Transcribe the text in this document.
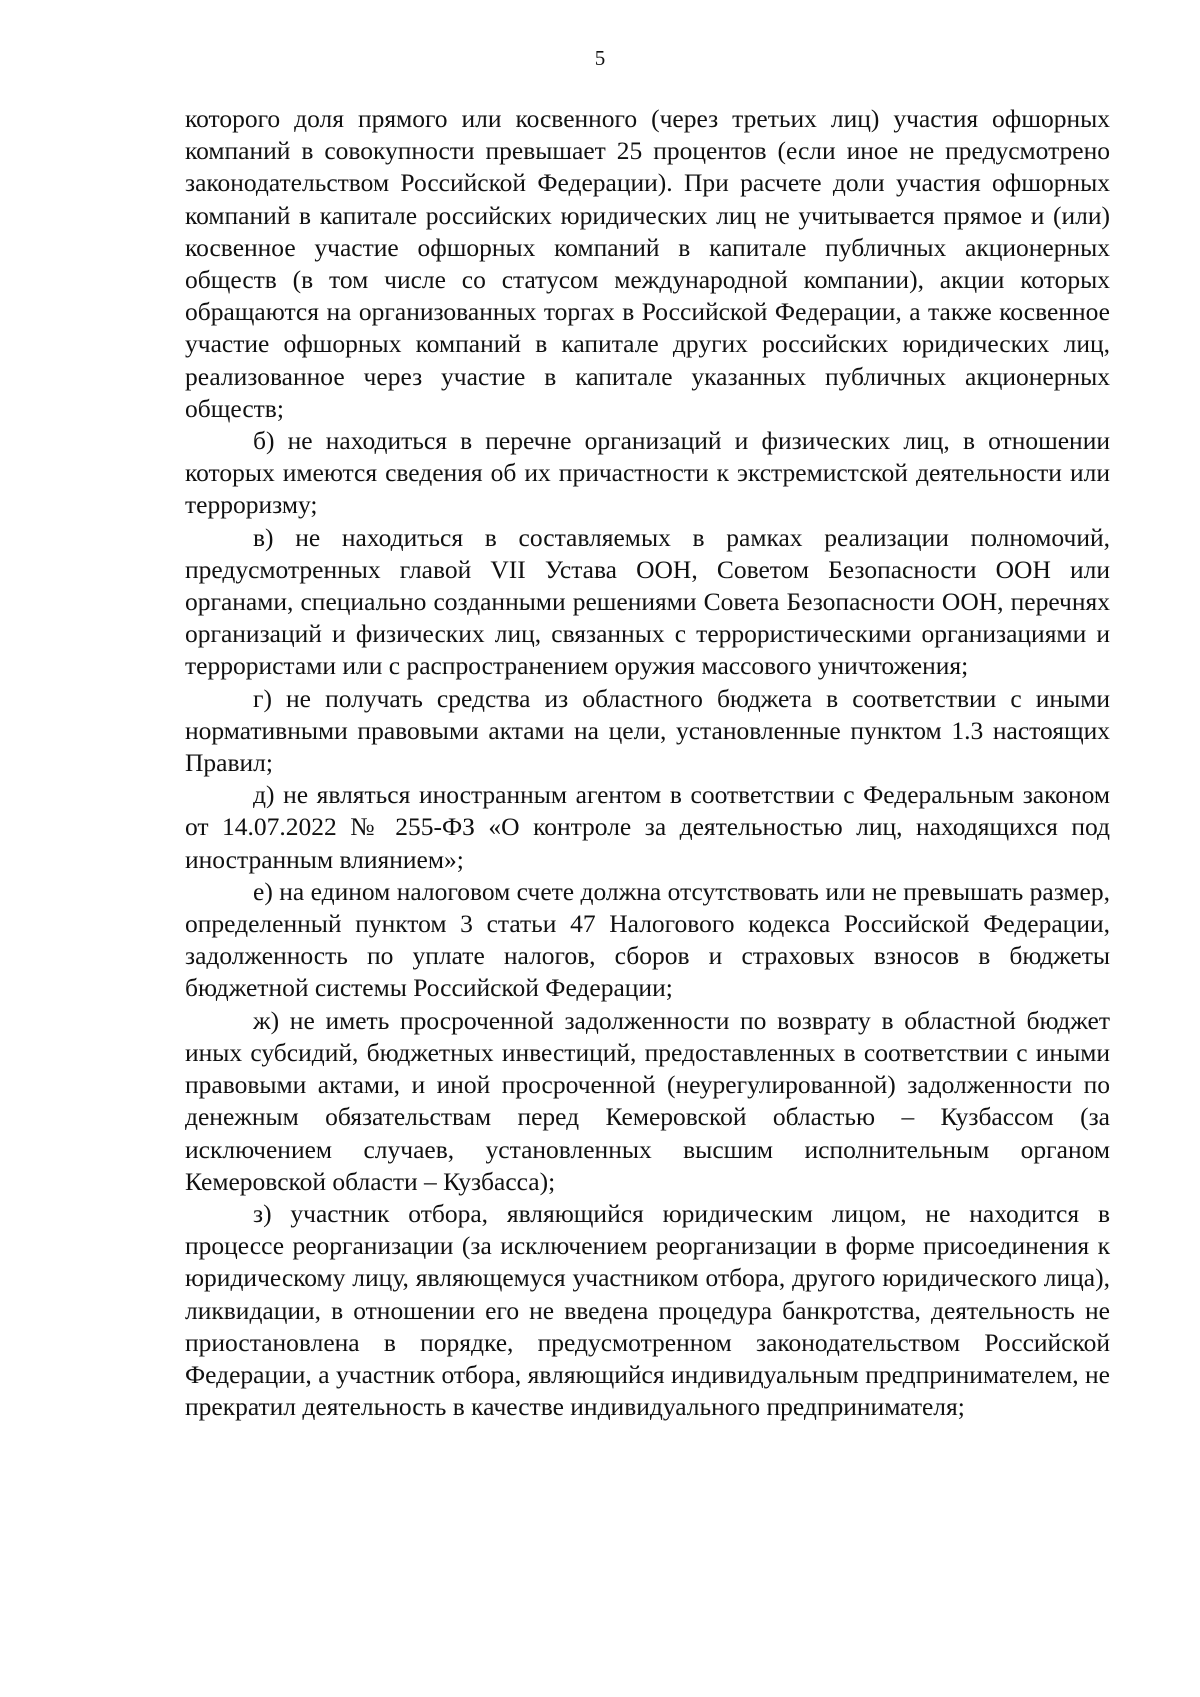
5

которого доля прямого или косвенного (через третьих лиц) участия офшорных компаний в совокупности превышает 25 процентов (если иное не предусмотрено законодательством Российской Федерации). При расчете доли участия офшорных компаний в капитале российских юридических лиц не учитывается прямое и (или) косвенное участие офшорных компаний в капитале публичных акционерных обществ (в том числе со статусом международной компании), акции которых обращаются на организованных торгах в Российской Федерации, а также косвенное участие офшорных компаний в капитале других российских юридических лиц, реализованное через участие в капитале указанных публичных акционерных обществ;

б) не находиться в перечне организаций и физических лиц, в отношении которых имеются сведения об их причастности к экстремистской деятельности или терроризму;

в) не находиться в составляемых в рамках реализации полномочий, предусмотренных главой VII Устава ООН, Советом Безопасности ООН или органами, специально созданными решениями Совета Безопасности ООН, перечнях организаций и физических лиц, связанных с террористическими организациями и террористами или с распространением оружия массового уничтожения;

г) не получать средства из областного бюджета в соответствии с иными нормативными правовыми актами на цели, установленные пунктом 1.3 настоящих Правил;

д) не являться иностранным агентом в соответствии с Федеральным законом от 14.07.2022 № 255-ФЗ «О контроле за деятельностью лиц, находящихся под иностранным влиянием»;

е) на едином налоговом счете должна отсутствовать или не превышать размер, определенный пунктом 3 статьи 47 Налогового кодекса Российской Федерации, задолженность по уплате налогов, сборов и страховых взносов в бюджеты бюджетной системы Российской Федерации;

ж) не иметь просроченной задолженности по возврату в областной бюджет иных субсидий, бюджетных инвестиций, предоставленных в соответствии с иными правовыми актами, и иной просроченной (неурегулированной) задолженности по денежным обязательствам перед Кемеровской областью – Кузбассом (за исключением случаев, установленных высшим исполнительным органом Кемеровской области – Кузбасса);

з) участник отбора, являющийся юридическим лицом, не находится в процессе реорганизации (за исключением реорганизации в форме присоединения к юридическому лицу, являющемуся участником отбора, другого юридического лица), ликвидации, в отношении его не введена процедура банкротства, деятельность не приостановлена в порядке, предусмотренном законодательством Российской Федерации, а участник отбора, являющийся индивидуальным предпринимателем, не прекратил деятельность в качестве индивидуального предпринимателя;
